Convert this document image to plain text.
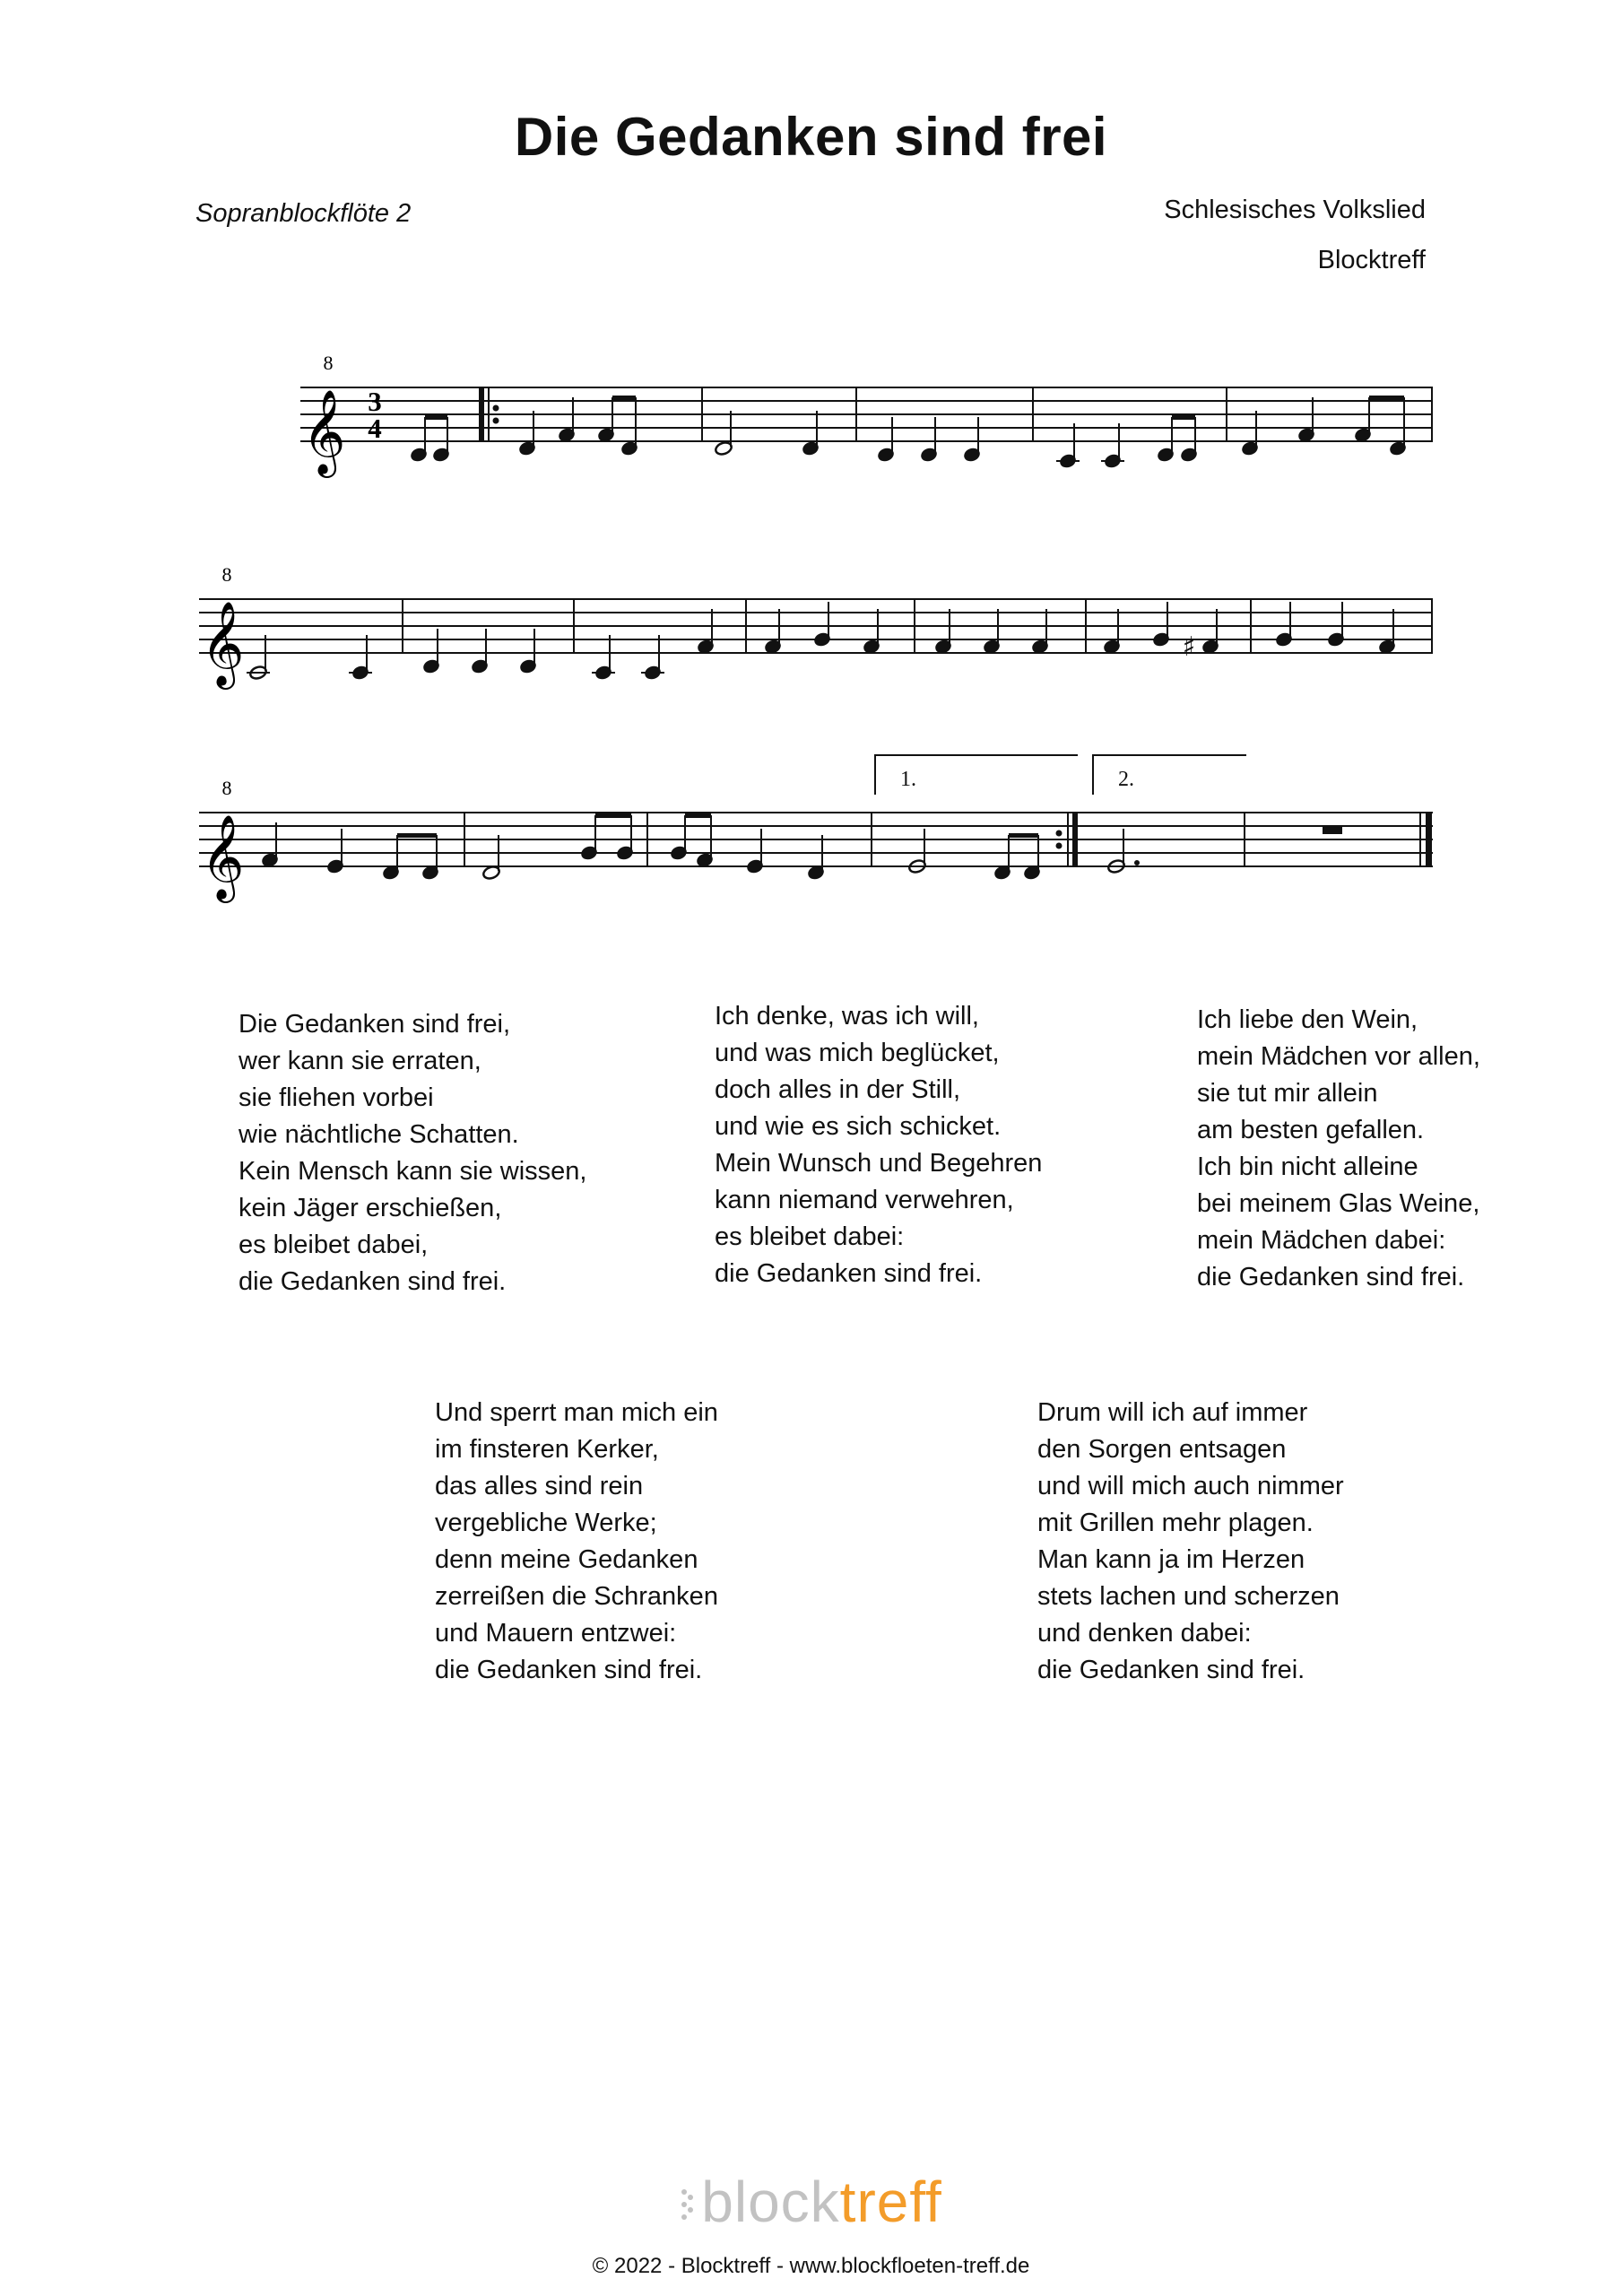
Die Gedanken sind frei
Sopranblockflöte 2	Schlesisches Volkslied
Blocktreff
𝄞
8
3
4
𝄞
8
♯
𝄞
8	1.	2.
Die Gedanken sind frei,
wer kann sie erraten,
sie fliehen vorbei
wie nächtliche Schatten.
Kein Mensch kann sie wissen,
kein Jäger erschießen,
es bleibet dabei,
die Gedanken sind frei.
Ich denke, was ich will,
und was mich beglücket,
doch alles in der Still,
und wie es sich schicket.
Mein Wunsch und Begehren
kann niemand verwehren,
es bleibet dabei:
die Gedanken sind frei.
Ich liebe den Wein,
mein Mädchen vor allen,
sie tut mir allein
am besten gefallen.
Ich bin nicht alleine
bei meinem Glas Weine,
mein Mädchen dabei:
die Gedanken sind frei.
Und sperrt man mich ein
im finsteren Kerker,
das alles sind rein
vergebliche Werke;
denn meine Gedanken
zerreißen die Schranken
und Mauern entzwei:
die Gedanken sind frei.
Drum will ich auf immer
den Sorgen entsagen
und will mich auch nimmer
mit Grillen mehr plagen.
Man kann ja im Herzen
stets lachen und scherzen
und denken dabei:
die Gedanken sind frei.
blocktreff
© 2022 - Blocktreff - www.blockfloeten-treff.de
